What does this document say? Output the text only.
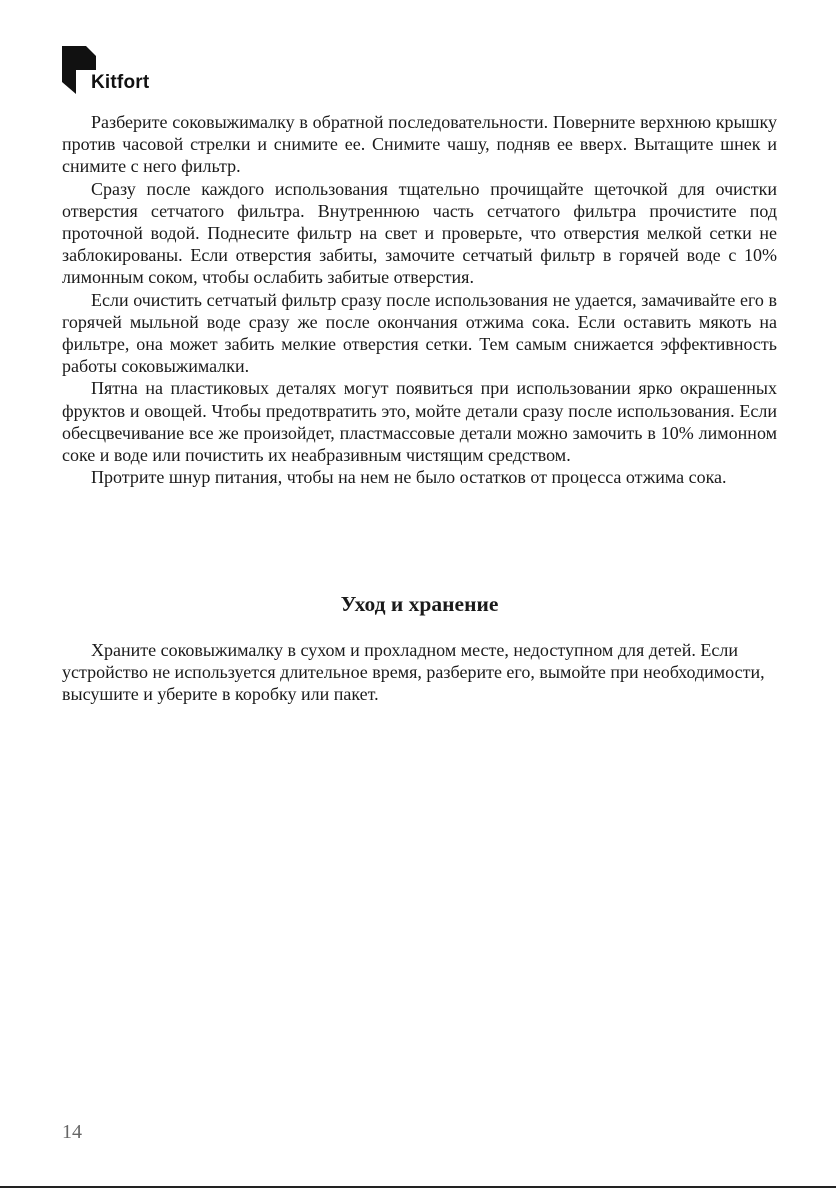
Kitfort

Разберите соковыжималку в обратной последовательности. Поверните верхнюю крышку против часовой стрелки и снимите ее. Снимите чашу, подняв ее вверх. Вытащите шнек и снимите с него фильтр.

Сразу после каждого использования тщательно прочищайте щеточкой для очистки отверстия сетчатого фильтра. Внутреннюю часть сетчатого фильтра прочистите под проточной водой. Поднесите фильтр на свет и проверьте, что отверстия мелкой сетки не заблокированы. Если отверстия забиты, замочите сетчатый фильтр в горячей воде с 10% лимонным соком, чтобы ослабить забитые отверстия.

Если очистить сетчатый фильтр сразу после использования не удается, замачивайте его в горячей мыльной воде сразу же после окончания отжима сока. Если оставить мякоть на фильтре, она может забить мелкие отверстия сетки. Тем самым снижается эффективность работы соковыжималки.

Пятна на пластиковых деталях могут появиться при использовании ярко окрашенных фруктов и овощей. Чтобы предотвратить это, мойте детали сразу после использования. Если обесцвечивание все же произойдет, пластмассовые детали можно замочить в 10% лимонном соке и воде или почистить их неабразивным чистящим средством.

Протрите шнур питания, чтобы на нем не было остатков от процесса отжима сока.

Уход и хранение

Храните соковыжималку в сухом и прохладном месте, недоступном для детей. Если устройство не используется длительное время, разберите его, вымойте при необходимости, высушите и уберите в коробку или пакет.

14
